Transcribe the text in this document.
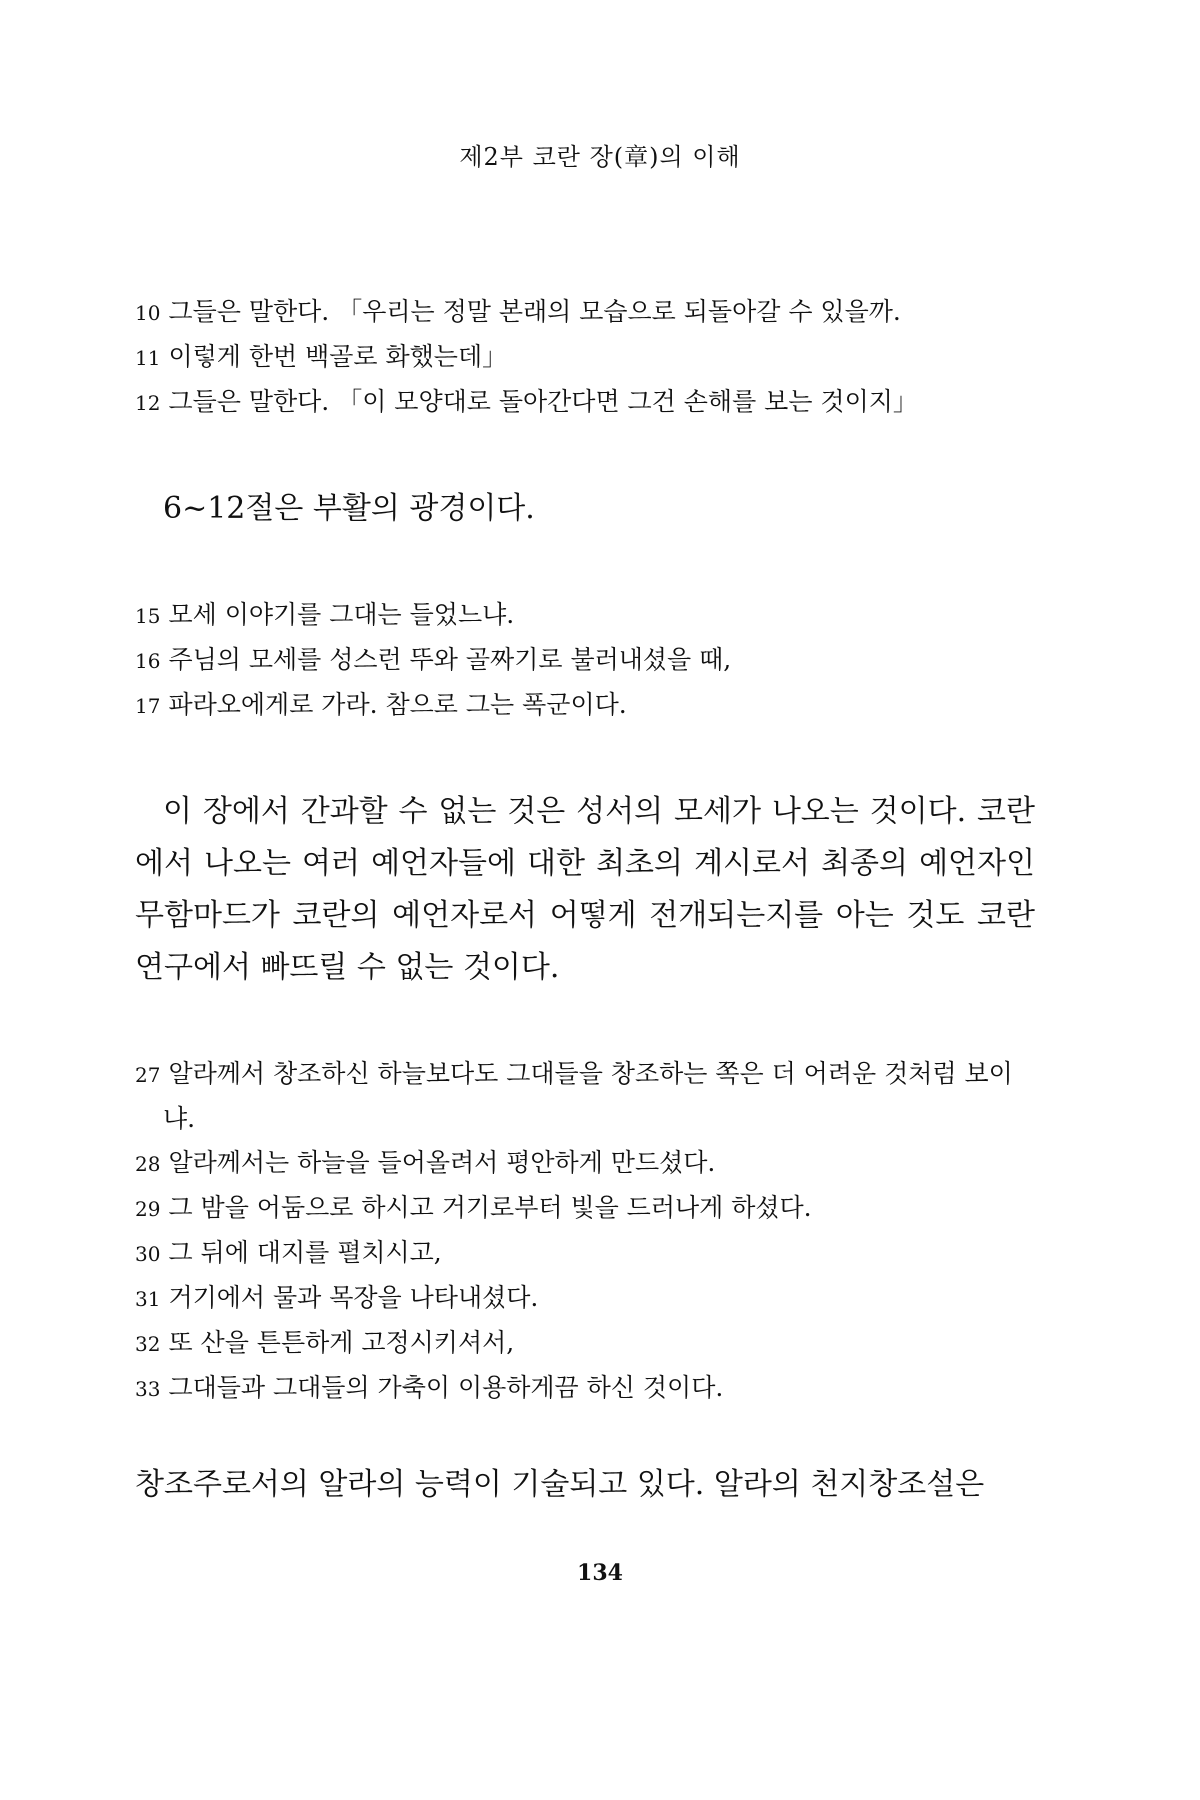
제2부 코란 장(章)의 이해
10 그들은 말한다. 「우리는 정말 본래의 모습으로 되돌아갈 수 있을까.
11 이렇게 한번 백골로 화했는데」
12 그들은 말한다. 「이 모양대로 돌아간다면 그건 손해를 보는 것이지」

6~12절은 부활의 광경이다.

15 모세 이야기를 그대는 들었느냐.
16 주님의 모세를 성스런 뚜와 골짜기로 불러내셨을 때,
17 파라오에게로 가라. 참으로 그는 폭군이다.

이 장에서 간과할 수 없는 것은 성서의 모세가 나오는 것이다. 코란에서 나오는 여러 예언자들에 대한 최초의 계시로서 최종의 예언자인 무함마드가 코란의 예언자로서 어떻게 전개되는지를 아는 것도 코란 연구에서 빠뜨릴 수 없는 것이다.

27 알라께서 창조하신 하늘보다도 그대들을 창조하는 쪽은 더 어려운 것처럼 보이냐.
28 알라께서는 하늘을 들어올려서 평안하게 만드셨다.
29 그 밤을 어둠으로 하시고 거기로부터 빛을 드러나게 하셨다.
30 그 뒤에 대지를 펼치시고,
31 거기에서 물과 목장을 나타내셨다.
32 또 산을 튼튼하게 고정시키셔서,
33 그대들과 그대들의 가축이 이용하게끔 하신 것이다.

창조주로서의 알라의 능력이 기술되고 있다. 알라의 천지창조설은

134
